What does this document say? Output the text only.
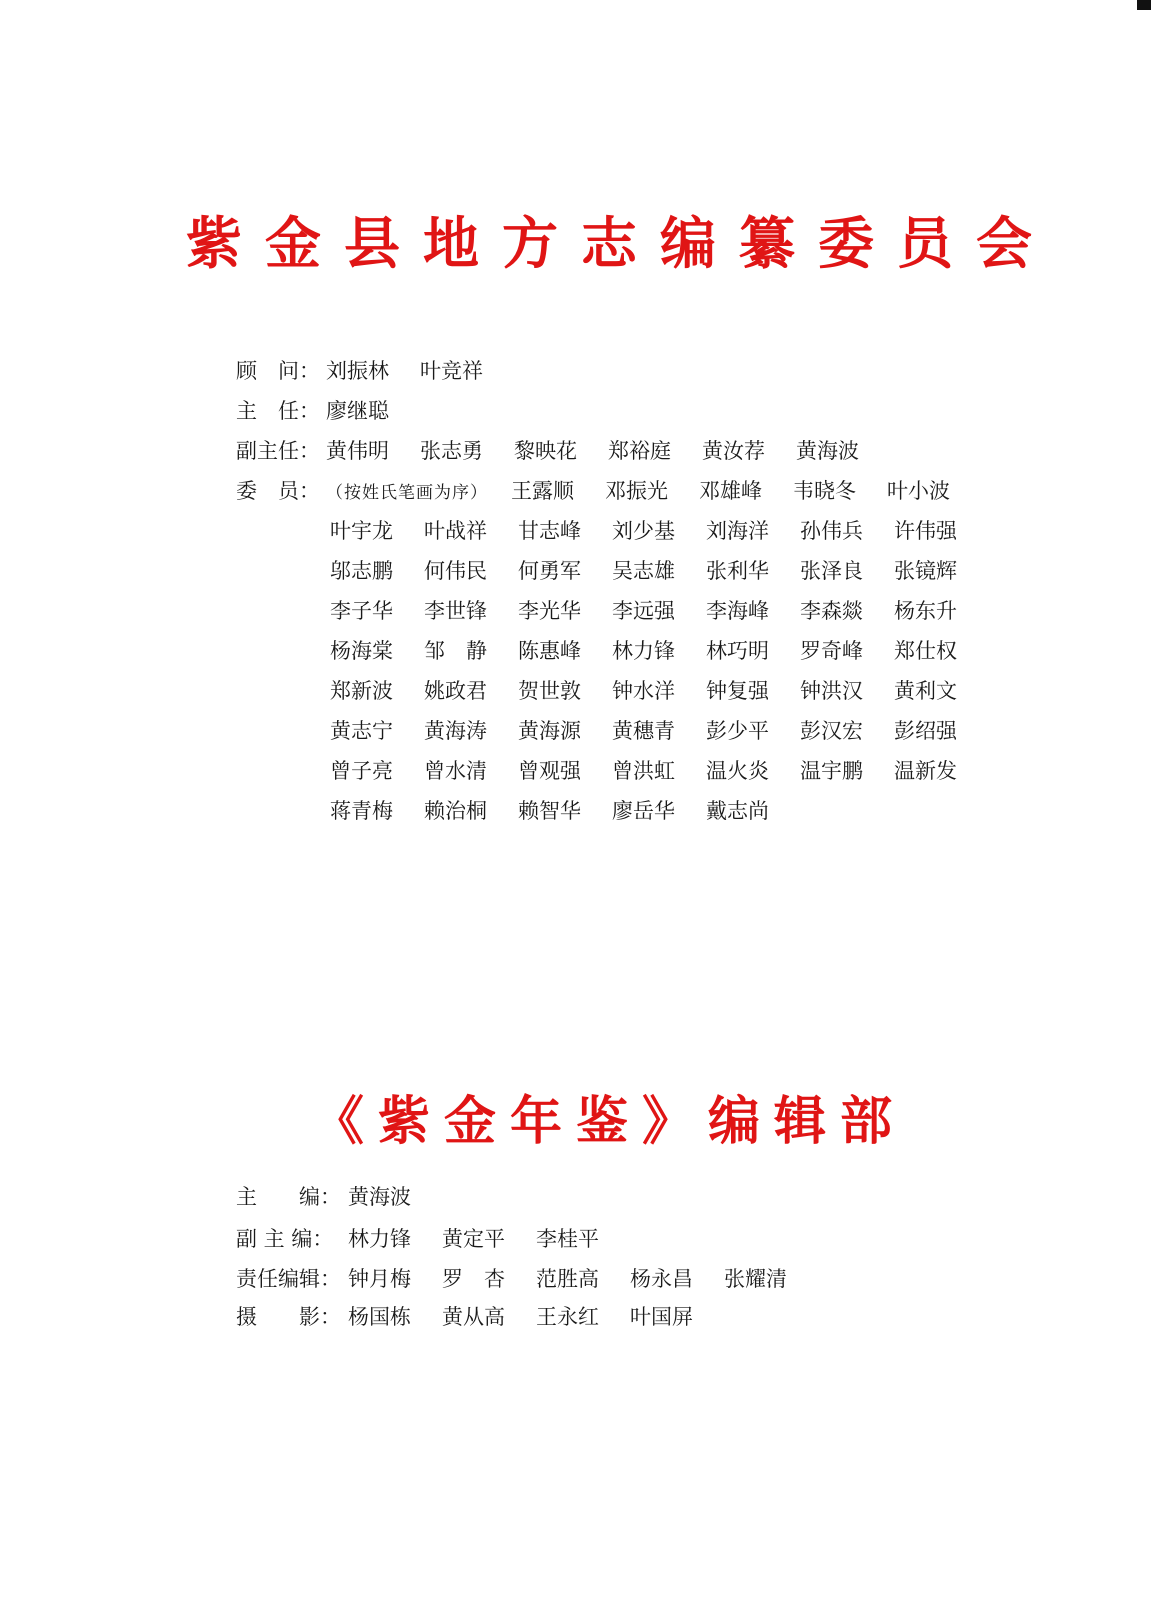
紫金县地方志编纂委员会
顾　问： 刘振林 叶竞祥
主　任： 廖继聪
副主任： 黄伟明 张志勇 黎映花 郑裕庭 黄汝荐 黄海波
委　员： （按姓氏笔画为序） 王露顺 邓振光 邓雄峰 韦晓冬 叶小波
叶宇龙 叶战祥 甘志峰 刘少基 刘海洋 孙伟兵 许伟强
邬志鹏 何伟民 何勇军 吴志雄 张利华 张泽良 张镜辉
李子华 李世锋 李光华 李远强 李海峰 李森燚 杨东升
杨海棠 邹　静 陈惠峰 林力锋 林巧明 罗奇峰 郑仕权
郑新波 姚政君 贺世敦 钟水洋 钟复强 钟洪汉 黄利文
黄志宁 黄海涛 黄海源 黄穗青 彭少平 彭汉宏 彭绍强
曾子亮 曾水清 曾观强 曾洪虹 温火炎 温宇鹏 温新发
蒋青梅 赖治桐 赖智华 廖岳华 戴志尚
《紫金年鉴》编辑部
主　　编： 黄海波
副 主 编： 林力锋 黄定平 李桂平
责任编辑： 钟月梅 罗　杏 范胜高 杨永昌 张耀清
摄　　影： 杨国栋 黄从高 王永红 叶国屏
